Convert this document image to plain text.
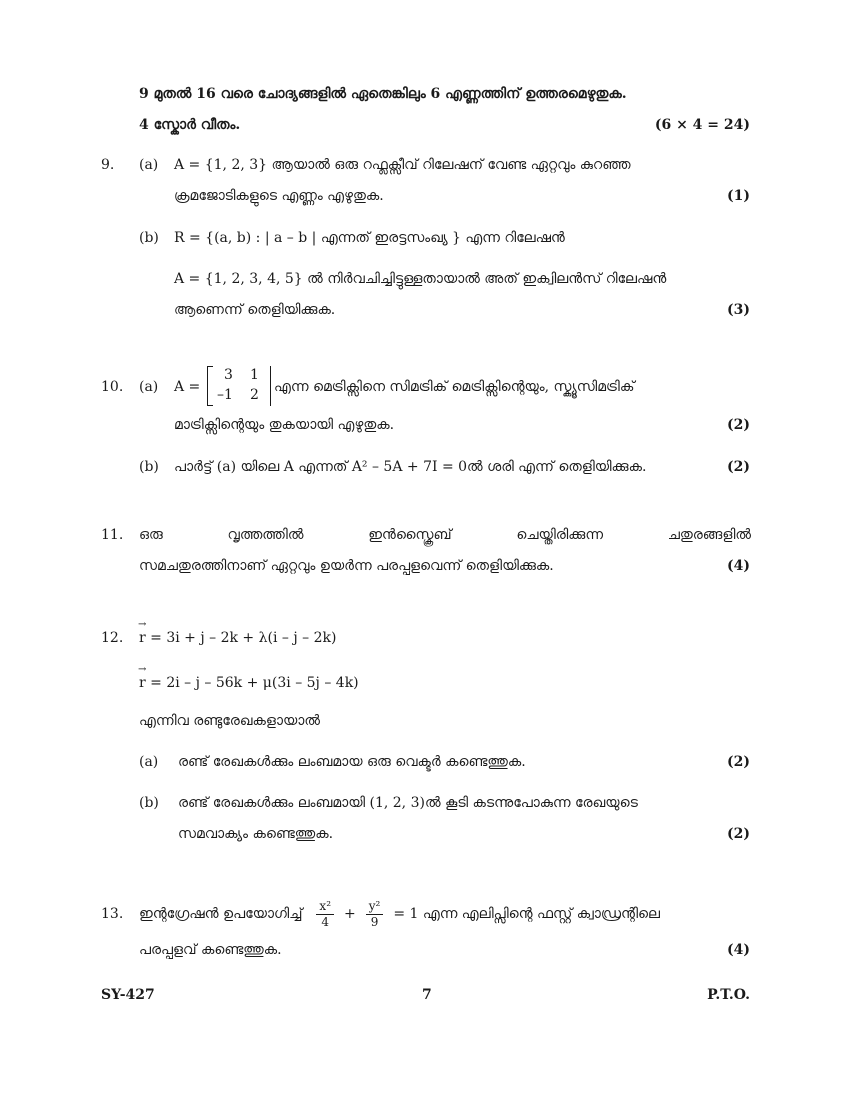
9 മുതൽ 16 വരെ ചോദ്യങ്ങളിൽ ഏതെങ്കിലും 6 എണ്ണത്തിന് ഉത്തരമെഴുതുക.
4 സ്കോർ വീതം.	(6 × 4 = 24)
9. (a) A = {1, 2, 3} ആയാൽ ഒരു റഫ്ലക്സീവ് റിലേഷന് വേണ്ട ഏറ്റവും കുറഞ്ഞ
ക്രമജോടികളുടെ എണ്ണം എഴുതുക.	(1)
(b) R = {(a, b) : | a – b | എന്നത് ഇരട്ടസംഖ്യ } എന്ന റിലേഷൻ
A = {1, 2, 3, 4, 5} ൽ നിർവചിച്ചിട്ടുള്ളതായാൽ അത് ഇക്വിലൻസ് റിലേഷൻ
ആണെന്ന് തെളിയിക്കുക.	(3)
10. (a) A =
3 1
–1 2 എന്ന മെട്രിക്സിനെ സിമട്രിക് മെട്രിക്സിന്റെയും, സ്ക്യൂസിമട്രിക്
മാട്രിക്സിന്റെയും തുകയായി എഴുതുക.	(2)
(b) പാർട്ട് (a) യിലെ A എന്നത് A² – 5A + 7I = 0ൽ ശരി എന്ന് തെളിയിക്കുക.	(2)
11. ഒരു	വൃത്തത്തിൽ	ഇൻസ്ക്രൈബ്	ചെയ്തിരിക്കുന്ന	ചതുരങ്ങളിൽ
സമചതുരത്തിനാണ് ഏറ്റവും ഉയർന്ന പരപ്പളവെന്ന് തെളിയിക്കുക.	(4)
12. → r = 3i + j – 2k + λ(i – j – 2k)
→ r = 2i – j – 56k + μ(3i – 5j – 4k)
എന്നിവ രണ്ടുരേഖകളായാൽ
(a) രണ്ട് രേഖകൾക്കും ലംബമായ ഒരു വെക്ടർ കണ്ടെത്തുക.	(2)
(b) രണ്ട് രേഖകൾക്കും ലംബമായി (1, 2, 3)ൽ കൂടി കടന്നുപോകുന്ന രേഖയുടെ
സമവാക്യം കണ്ടെത്തുക.	(2)
13. ഇന്റഗ്രേഷൻ ഉപയോഗിച്ച് $\frac{\text{x²}}{4} + \frac{\text{y²}}{9} = 1$ എന്ന എലിപ്സിന്റെ ഫസ്റ്റ് ക്വാഡ്രന്റിലെ
പരപ്പളവ് കണ്ടെത്തുക.	(4)
SY-427	7	P.T.O.
